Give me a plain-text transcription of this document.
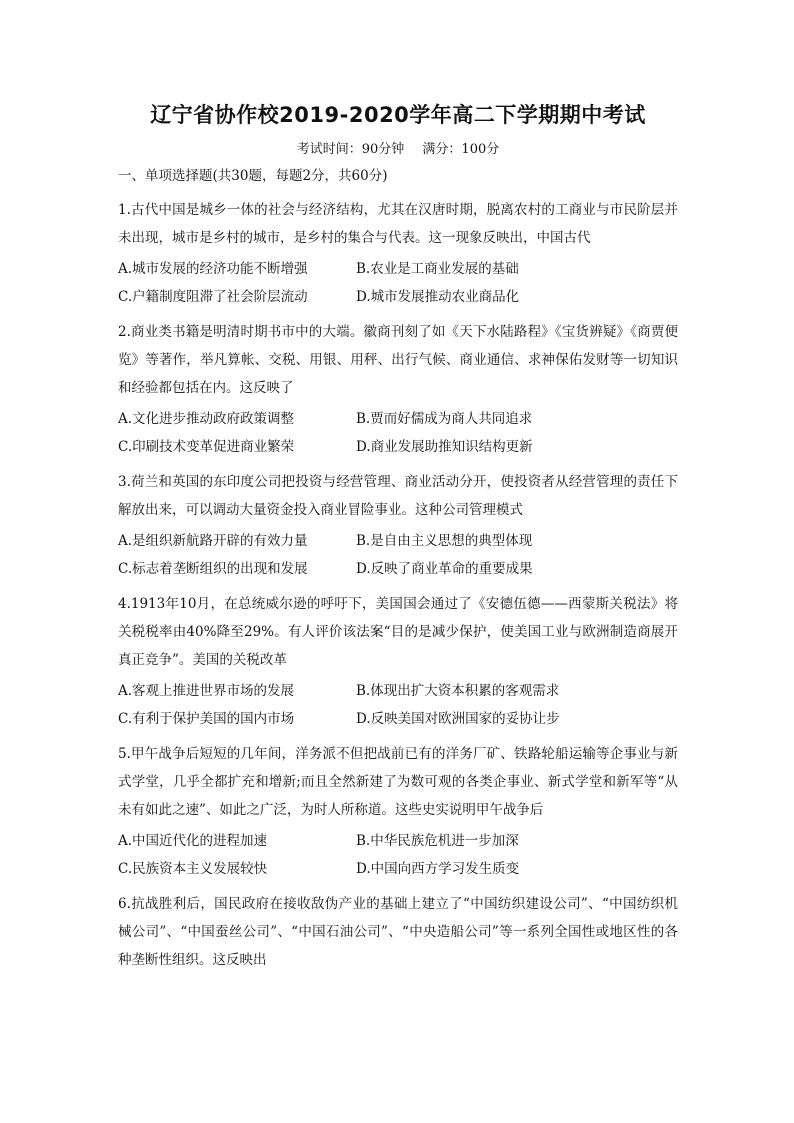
辽宁省协作校2019-2020学年高二下学期期中考试
考试时间：90分钟 满分：100分
一、单项选择题(共30题，每题2分，共60分)

1.古代中国是城乡一体的社会与经济结构，尤其在汉唐时期，脱离农村的工商业与市民阶层并未出现，城市是乡村的城市，是乡村的集合与代表。这一现象反映出，中国古代

A.城市发展的经济功能不断增强	B.农业是工商业发展的基础
C.户籍制度阻滞了社会阶层流动	D.城市发展推动农业商品化

2.商业类书籍是明清时期书市中的大端。徽商刊刻了如《天下水陆路程》《宝货辨疑》《商贾便览》等著作，举凡算帐、交税、用银、用秤、出行气候、商业通信、求神保佑发财等一切知识和经验都包括在内。这反映了

A.文化进步推动政府政策调整	B.贾而好儒成为商人共同追求
C.印刷技术变革促进商业繁荣	D.商业发展助推知识结构更新

3.荷兰和英国的东印度公司把投资与经营管理、商业活动分开，使投资者从经营管理的责任下解放出来，可以调动大量资金投入商业冒险事业。这种公司管理模式

A.是组织新航路开辟的有效力量	B.是自由主义思想的典型体现
C.标志着垄断组织的出现和发展	D.反映了商业革命的重要成果

4.1913年10月，在总统威尔逊的呼吁下，美国国会通过了《安德伍德——西蒙斯关税法》将关税税率由40%降至29%。有人评价该法案“目的是减少保护，使美国工业与欧洲制造商展开真正竞争”。美国的关税改革

A.客观上推进世界市场的发展	B.体现出扩大资本积累的客观需求
C.有利于保护美国的国内市场	D.反映美国对欧洲国家的妥协让步

5.甲午战争后短短的几年间，洋务派不但把战前已有的洋务厂矿、铁路轮船运输等企事业与新式学堂，几乎全都扩充和增新;而且全然新建了为数可观的各类企事业、新式学堂和新军等“从未有如此之速”、如此之广泛，为时人所称道。这些史实说明甲午战争后

A.中国近代化的进程加速	B.中华民族危机进一步加深
C.民族资本主义发展较快	D.中国向西方学习发生质变

6.抗战胜利后，国民政府在接收敌伪产业的基础上建立了“中国纺织建设公司”、“中国纺织机械公司”、“中国蚕丝公司”、“中国石油公司”、“中央造船公司”等一系列全国性或地区性的各种垄断性组织。这反映出
